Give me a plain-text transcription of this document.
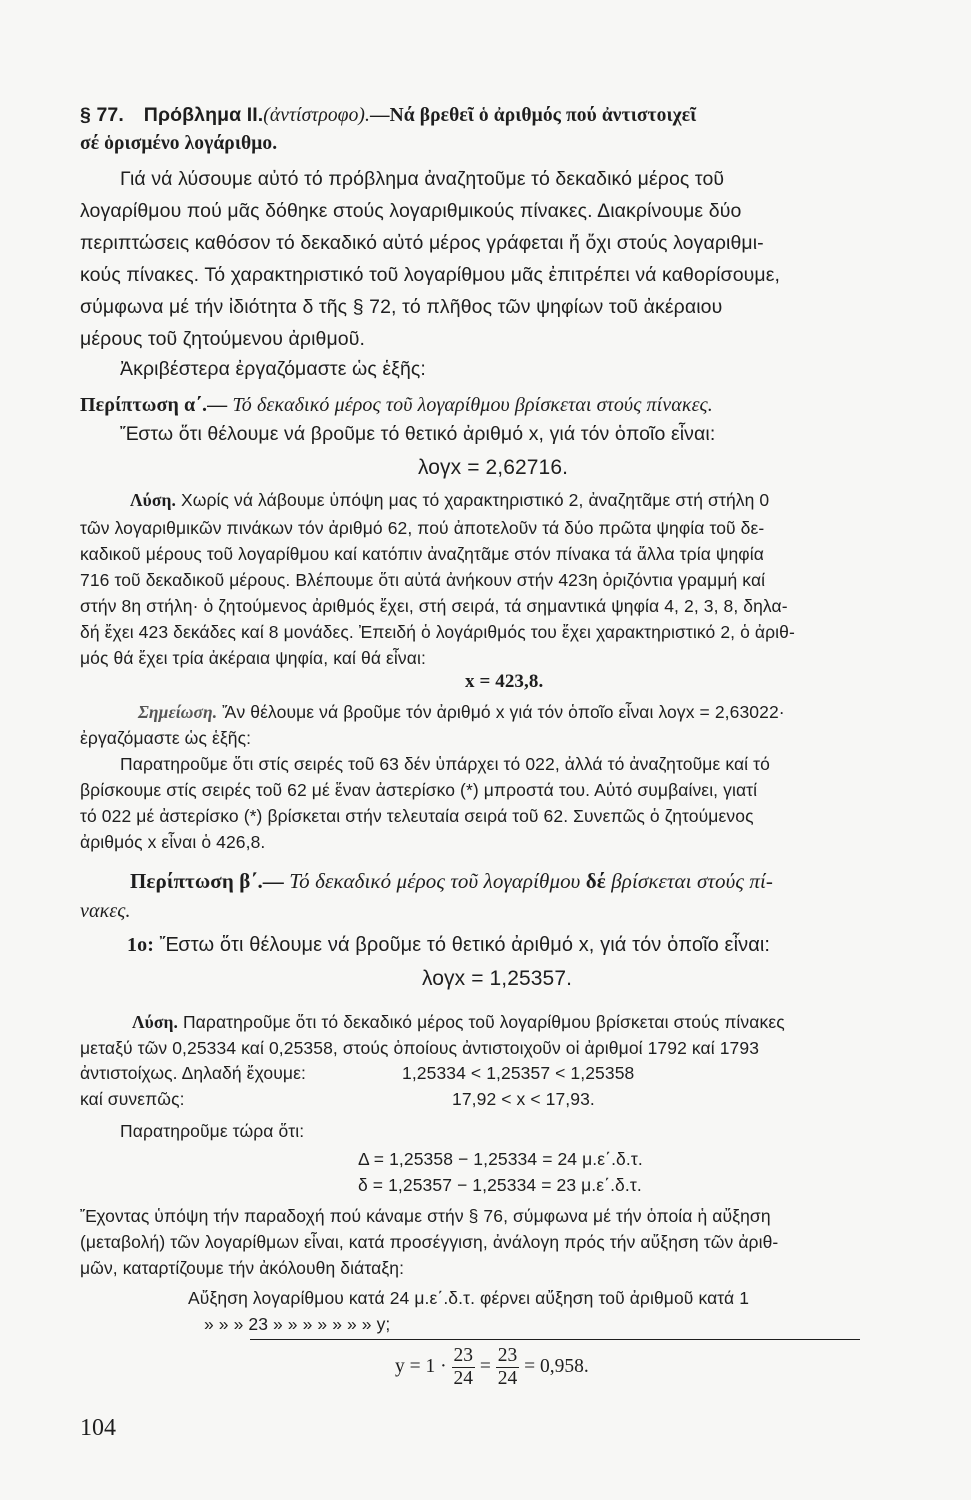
§ 77. Πρόβλημα ΙΙ.(ἀντίστροφο).—Νά βρεθεῖ ὁ ἀριθμός πού ἀντιστοιχεῖ
σέ ὁρισμένο λογάριθμο.
Γιά νά λύσουμε αὐτό τό πρόβλημα ἀναζητοῦμε τό δεκαδικό μέρος τοῦ
λογαρίθμου πού μᾶς δόθηκε στούς λογαριθμικούς πίνακες. Διακρίνουμε δύο
περιπτώσεις καθόσον τό δεκαδικό αὐτό μέρος γράφεται ἤ ὄχι στούς λογαριθμι-
κούς πίνακες. Τό χαρακτηριστικό τοῦ λογαρίθμου μᾶς ἐπιτρέπει νά καθορίσουμε,
σύμφωνα μέ τήν ἰδιότητα δ τῆς § 72, τό πλῆθος τῶν ψηφίων τοῦ ἀκέραιου
μέρους τοῦ ζητούμενου ἀριθμοῦ.
Ἀκριβέστερα ἐργαζόμαστε ὡς ἑξῆς:
Περίπτωση α΄.— Τό δεκαδικό μέρος τοῦ λογαρίθμου βρίσκεται στούς πίνακες.
Ἔστω ὅτι θέλουμε νά βροῦμε τό θετικό ἀριθμό x, γιά τόν ὁποῖο εἶναι:
λογx = 2,62716.
Λύση. Χωρίς νά λάβουμε ὑπόψη μας τό χαρακτηριστικό 2, ἀναζητᾶμε στή στήλη 0
τῶν λογαριθμικῶν πινάκων τόν ἀριθμό 62, πού ἀποτελοῦν τά δύο πρῶτα ψηφία τοῦ δε-
καδικοῦ μέρους τοῦ λογαρίθμου καί κατόπιν ἀναζητᾶμε στόν πίνακα τά ἄλλα τρία ψηφία
716 τοῦ δεκαδικοῦ μέρους. Βλέπουμε ὅτι αὐτά ἀνήκουν στήν 423η ὁριζόντια γραμμή καί
στήν 8η στήλη· ὁ ζητούμενος ἀριθμός ἔχει, στή σειρά, τά σημαντικά ψηφία 4, 2, 3, 8, δηλα-
δή ἔχει 423 δεκάδες καί 8 μονάδες. Ἐπειδή ὁ λογάριθμός του ἔχει χαρακτηριστικό 2, ὁ ἀριθ-
μός θά ἔχει τρία ἀκέραια ψηφία, καί θά εἶναι:
x = 423,8.
Σημείωση. Ἄν θέλουμε νά βροῦμε τόν ἀριθμό x γιά τόν ὁποῖο εἶναι λογx = 2,63022·
ἐργαζόμαστε ὡς ἑξῆς:
Παρατηροῦμε ὅτι στίς σειρές τοῦ 63 δέν ὑπάρχει τό 022, ἀλλά τό ἀναζητοῦμε καί τό
βρίσκουμε στίς σειρές τοῦ 62 μέ ἕναν ἀστερίσκο (*) μπροστά του. Αὐτό συμβαίνει, γιατί
τό 022 μέ ἀστερίσκο (*) βρίσκεται στήν τελευταία σειρά τοῦ 62. Συνεπῶς ὁ ζητούμενος
ἀριθμός x εἶναι ὁ 426,8.
Περίπτωση β΄.— Τό δεκαδικό μέρος τοῦ λογαρίθμου δέ βρίσκεται στούς πί-
νακες.
1ο: Ἔστω ὅτι θέλουμε νά βροῦμε τό θετικό ἀριθμό x, γιά τόν ὁποῖο εἶναι:
λογx = 1,25357.
Λύση. Παρατηροῦμε ὅτι τό δεκαδικό μέρος τοῦ λογαρίθμου βρίσκεται στούς πίνακες
μεταξύ τῶν 0,25334 καί 0,25358, στούς ὁποίους ἀντιστοιχοῦν οἱ ἀριθμοί 1792 καί 1793
ἀντιστοίχως. Δηλαδή ἔχουμε:	1,25334 < 1,25357 < 1,25358
καί συνεπῶς:	17,92 < x < 17,93.
Παρατηροῦμε τώρα ὅτι:
Δ = 1,25358 − 1,25334 = 24 μ.ε΄.δ.τ.
δ = 1,25357 − 1,25334 = 23 μ.ε΄.δ.τ.
Ἔχοντας ὑπόψη τήν παραδοχή πού κάναμε στήν § 76, σύμφωνα μέ τήν ὁποία ἡ αὔξηση
(μεταβολή) τῶν λογαρίθμων εἶναι, κατά προσέγγιση, ἀνάλογη πρός τήν αὔξηση τῶν ἀριθ-
μῶν, καταρτίζουμε τήν ἀκόλουθη διάταξη:
Αὔξηση λογαρίθμου κατά 24 μ.ε΄.δ.τ. φέρνει αὔξηση τοῦ ἀριθμοῦ κατά 1
» » » 23 » » » » » » » y;
$y = 1 \cdot \frac{23}{24} = \frac{23}{24} = 0,958$.
104
